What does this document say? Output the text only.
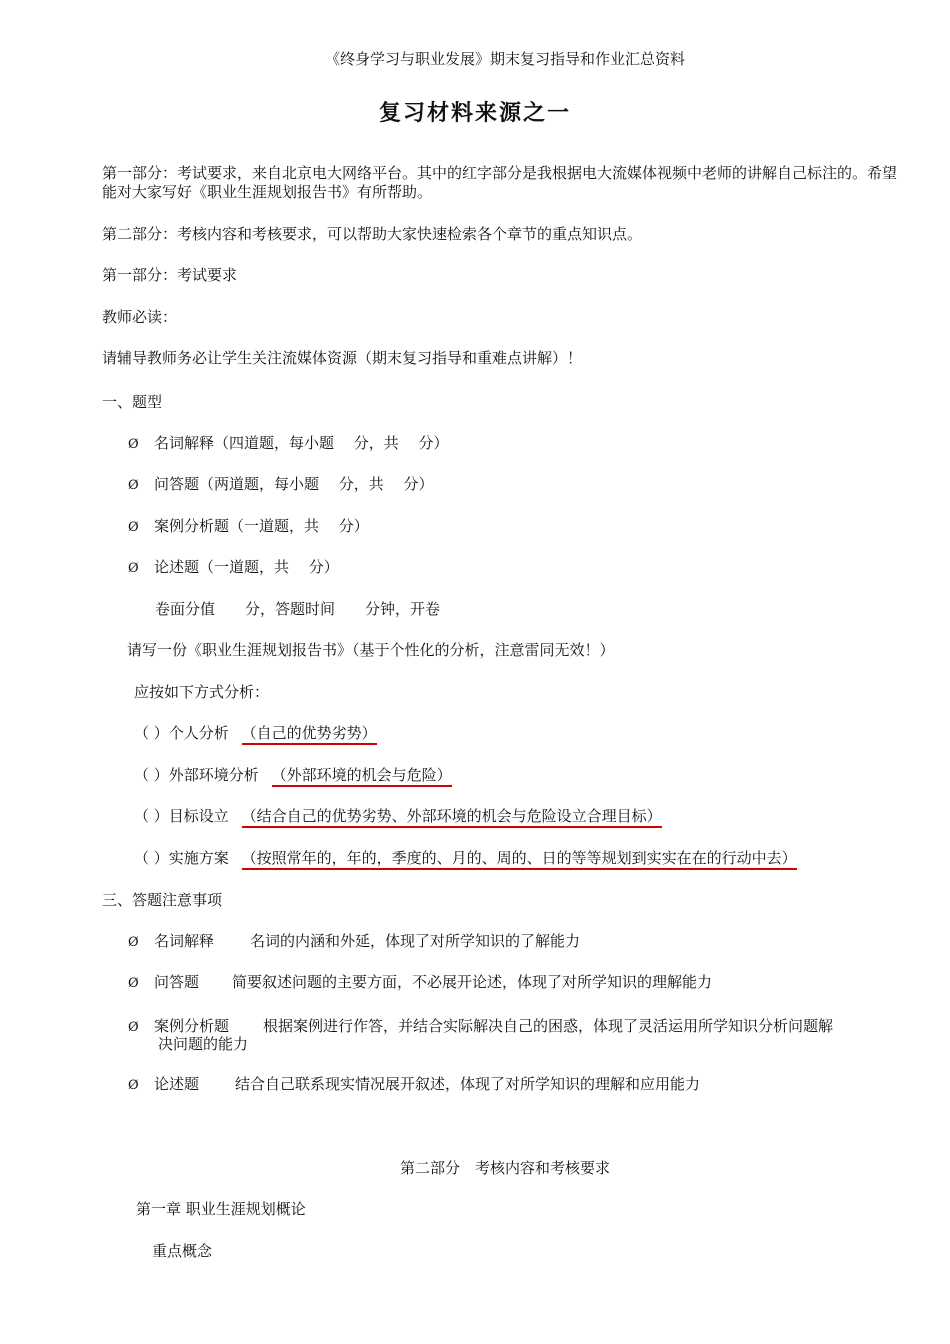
《终身学习与职业发展》期末复习指导和作业汇总资料
复习材料来源之一
第一部分：考试要求，来自北京电大网络平台。其中的红字部分是我根据电大流媒体视频中老师的讲解自己标注的。希望能对大家写好《职业生涯规划报告书》有所帮助。
第二部分：考核内容和考核要求，可以帮助大家快速检索各个章节的重点知识点。
第一部分：考试要求
教师必读：
请辅导教师务必让学生关注流媒体资源（期末复习指导和重难点讲解）！
一、题型
Ø 名词解释（四道题，每小题　 分，共　 分）
Ø 问答题（两道题，每小题　 分，共　 分）
Ø 案例分析题（一道题，共　 分）
Ø 论述题（一道题，共　 分）
卷面分值　　分，答题时间　　分钟，开卷
请写一份《职业生涯规划报告书》（基于个性化的分析，注意雷同无效！）
应按如下方式分析：
（ ）个人分析 （自己的优势劣势）
（ ）外部环境分析 （外部环境的机会与危险）
（ ）目标设立 （结合自己的优势劣势、外部环境的机会与危险设立合理目标）
（ ）实施方案 （按照常年的，年的，季度的、月的、周的、日的等等规划到实实在在的行动中去）
三、答题注意事项
Ø 名词解释 名词的内涵和外延，体现了对所学知识的了解能力
Ø 问答题 简要叙述问题的主要方面，不必展开论述，体现了对所学知识的理解能力
Ø 案例分析题 根据案例进行作答，并结合实际解决自己的困惑，体现了灵活运用所学知识分析问题解
决问题的能力
Ø 论述题 结合自己联系现实情况展开叙述，体现了对所学知识的理解和应用能力
第二部分　考核内容和考核要求
第一章 职业生涯规划概论
重点概念
